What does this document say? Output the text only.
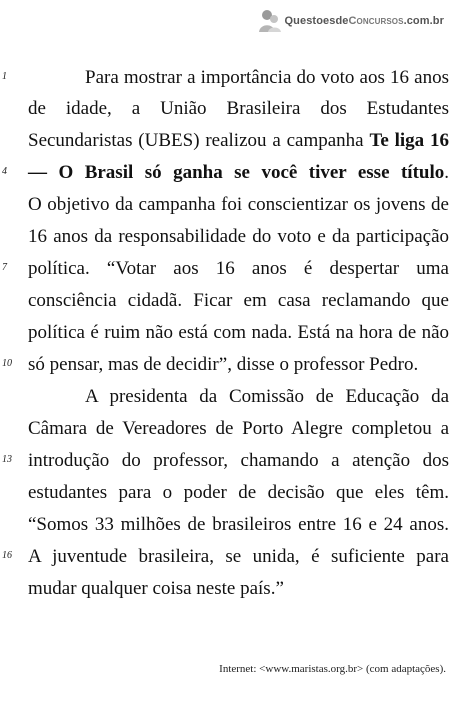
QuestoesdeConcursos.com.br
1	Para mostrar a importância do voto aos 16 anos
de idade, a União Brasileira dos Estudantes
Secundaristas (UBES) realizou a campanha Te liga 16
4	— O Brasil só ganha se você tiver esse título.
O objetivo da campanha foi conscientizar os jovens de
16 anos da responsabilidade do voto e da participação
7	política. “Votar aos 16 anos é despertar uma
consciência cidadã. Ficar em casa reclamando que
política é ruim não está com nada. Está na hora de não
10 só pensar, mas de decidir”, disse o professor Pedro.
A presidenta da Comissão de Educação da
Câmara de Vereadores de Porto Alegre completou a
13 introdução do professor, chamando a atenção dos
estudantes para o poder de decisão que eles têm.
“Somos 33 milhões de brasileiros entre 16 e 24 anos.
16 A juventude brasileira, se unida, é suficiente para
mudar qualquer coisa neste país.”
Internet: <www.maristas.org.br> (com adaptações).
